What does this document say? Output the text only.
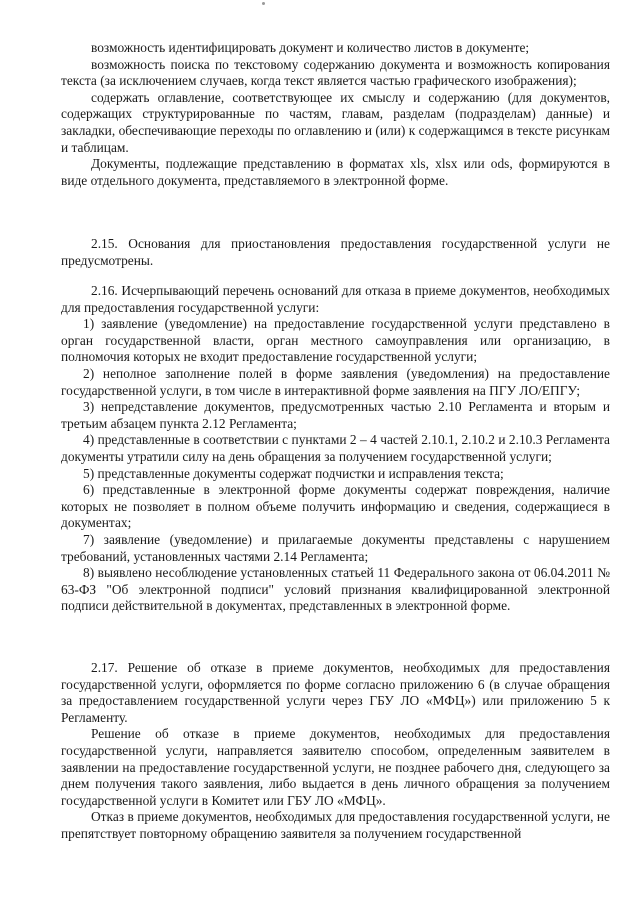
возможность идентифицировать документ и количество листов в документе;

возможность поиска по текстовому содержанию документа и возможность копирования текста (за исключением случаев, когда текст является частью графического изображения);

содержать оглавление, соответствующее их смыслу и содержанию (для документов, содержащих структурированные по частям, главам, разделам (подразделам) данные) и закладки, обеспечивающие переходы по оглавлению и (или) к содержащимся в тексте рисункам и таблицам.

Документы, подлежащие представлению в форматах xls, xlsx или ods, формируются в виде отдельного документа, представляемого в электронной форме.

2.15. Основания для приостановления предоставления государственной услуги не предусмотрены.

2.16. Исчерпывающий перечень оснований для отказа в приеме документов, необходимых для предоставления государственной услуги:

1) заявление (уведомление) на предоставление государственной услуги представлено в орган государственной власти, орган местного самоуправления или организацию, в полномочия которых не входит предоставление государственной услуги;

2) неполное заполнение полей в форме заявления (уведомления) на предоставление государственной услуги, в том числе в интерактивной форме заявления на ПГУ ЛО/ЕПГУ;

3) непредставление документов, предусмотренных частью 2.10 Регламента и вторым и третьим абзацем пункта 2.12 Регламента;

4) представленные в соответствии с пунктами 2 – 4 частей 2.10.1, 2.10.2 и 2.10.3 Регламента документы утратили силу на день обращения за получением государственной услуги;

5) представленные документы содержат подчистки и исправления текста;

6) представленные в электронной форме документы содержат повреждения, наличие которых не позволяет в полном объеме получить информацию и сведения, содержащиеся в документах;

7) заявление (уведомление) и прилагаемые документы представлены с нарушением требований, установленных частями 2.14 Регламента;

8) выявлено несоблюдение установленных статьей 11 Федерального закона от 06.04.2011 № 63-ФЗ "Об электронной подписи" условий признания квалифицированной электронной подписи действительной в документах, представленных в электронной форме.

2.17. Решение об отказе в приеме документов, необходимых для предоставления государственной услуги, оформляется по форме согласно приложению 6 (в случае обращения за предоставлением государственной услуги через ГБУ ЛО «МФЦ») или приложению 5 к Регламенту.

Решение об отказе в приеме документов, необходимых для предоставления государственной услуги, направляется заявителю способом, определенным заявителем в заявлении на предоставление государственной услуги, не позднее рабочего дня, следующего за днем получения такого заявления, либо выдается в день личного обращения за получением государственной услуги в Комитет или ГБУ ЛО «МФЦ».

Отказ в приеме документов, необходимых для предоставления государственной услуги, не препятствует повторному обращению заявителя за получением государственной
